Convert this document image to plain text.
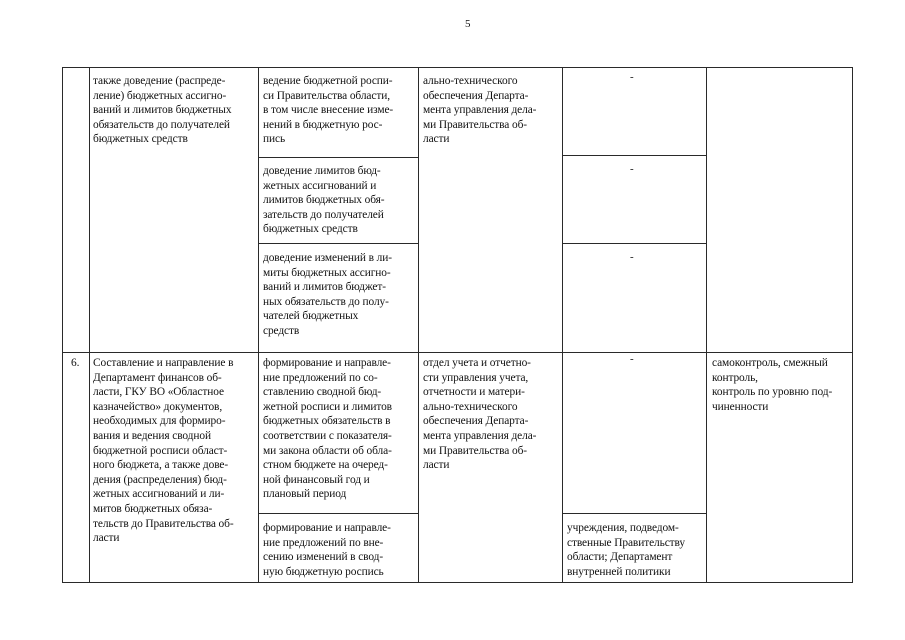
5
также доведение (распреде-
ление) бюджетных ассигно-
ваний и лимитов бюджетных
обязательств до получателей
бюджетных средств
ведение бюджетной роспи-
си Правительства области,
в том числе внесение изме-
нений в бюджетную рос-
пись
доведение лимитов бюд-
жетных ассигнований и
лимитов бюджетных обя-
зательств до получателей
бюджетных средств
доведение изменений в ли-
миты бюджетных ассигно-
ваний и лимитов бюджет-
ных обязательств до полу-
чателей бюджетных
средств
ально-технического
обеспечения Департа-
мента управления дела-
ми Правительства об-
ласти
-
-
-
6. Составление и направление в
Департамент финансов об-
ласти, ГКУ ВО «Областное
казначейство» документов,
необходимых для формиро-
вания и ведения сводной
бюджетной росписи област-
ного бюджета, а также дове-
дения (распределения) бюд-
жетных ассигнований и ли-
митов бюджетных обяза-
тельств до Правительства об-
ласти
формирование и направле-
ние предложений по со-
ставлению сводной бюд-
жетной росписи и лимитов
бюджетных обязательств в
соответствии с показателя-
ми закона области об обла-
стном бюджете на очеред-
ной финансовый год и
плановый период
формирование и направле-
ние предложений по вне-
сению изменений в свод-
ную бюджетную роспись
отдел учета и отчетно-
сти управления учета,
отчетности и матери-
ально-технического
обеспечения Департа-
мента управления дела-
ми Правительства об-
ласти
-
учреждения, подведом-
ственные Правительству
области; Департамент
внутренней политики
самоконтроль, смежный
контроль,
контроль по уровню под-
чиненности
